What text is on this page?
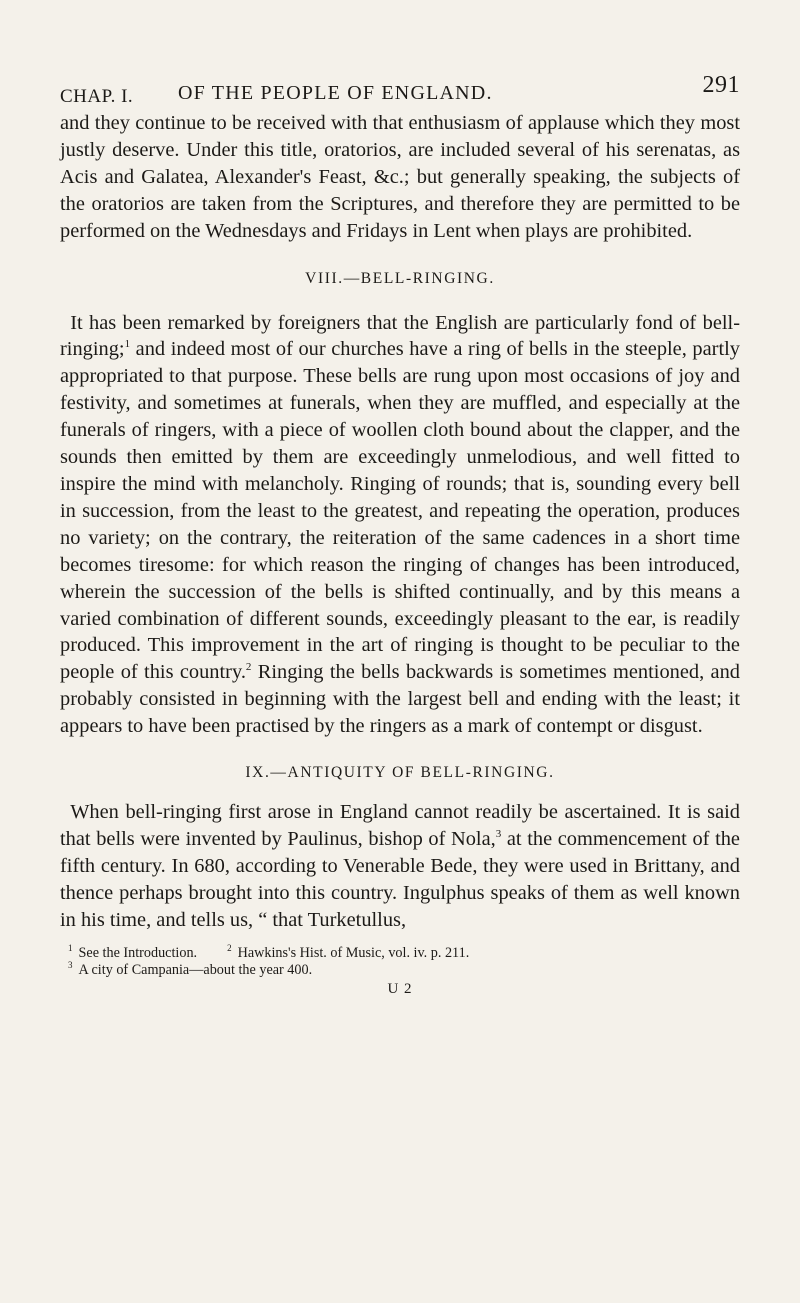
CHAP. I. OF THE PEOPLE OF ENGLAND.	291

and they continue to be received with that enthusiasm of applause which they most justly deserve. Under this title, oratorios, are included several of his serenatas, as Acis and Galatea, Alexander's Feast, &c.; but generally speaking, the subjects of the oratorios are taken from the Scriptures, and therefore they are permitted to be performed on the Wednesdays and Fridays in Lent when plays are prohibited.

VIII.—BELL-RINGING.

It has been remarked by foreigners that the English are particularly fond of bell-ringing;$^1$ and indeed most of our churches have a ring of bells in the steeple, partly appropriated to that purpose. These bells are rung upon most occasions of joy and festivity, and sometimes at funerals, when they are muffled, and especially at the funerals of ringers, with a piece of woollen cloth bound about the clapper, and the sounds then emitted by them are exceedingly unmelodious, and well fitted to inspire the mind with melancholy. Ringing of rounds; that is, sounding every bell in succession, from the least to the greatest, and repeating the operation, produces no variety; on the contrary, the reiteration of the same cadences in a short time becomes tiresome: for which reason the ringing of changes has been introduced, wherein the succession of the bells is shifted continually, and by this means a varied combination of different sounds, exceedingly pleasant to the ear, is readily produced. This improvement in the art of ringing is thought to be peculiar to the people of this country.$^2$ Ringing the bells backwards is sometimes mentioned, and probably consisted in beginning with the largest bell and ending with the least; it appears to have been practised by the ringers as a mark of contempt or disgust.

IX.—ANTIQUITY OF BELL-RINGING.

When bell-ringing first arose in England cannot readily be ascertained. It is said that bells were invented by Paulinus, bishop of Nola,$^3$ at the commencement of the fifth century. In 680, according to Venerable Bede, they were used in Brittany, and thence perhaps brought into this country. Ingulphus speaks of them as well known in his time, and tells us, “ that Turketullus,

$^1$ See the Introduction.	$^2$ Hawkins's Hist. of Music, vol. iv. p. 211.
$^3$ A city of Campania—about the year 400.
U 2
